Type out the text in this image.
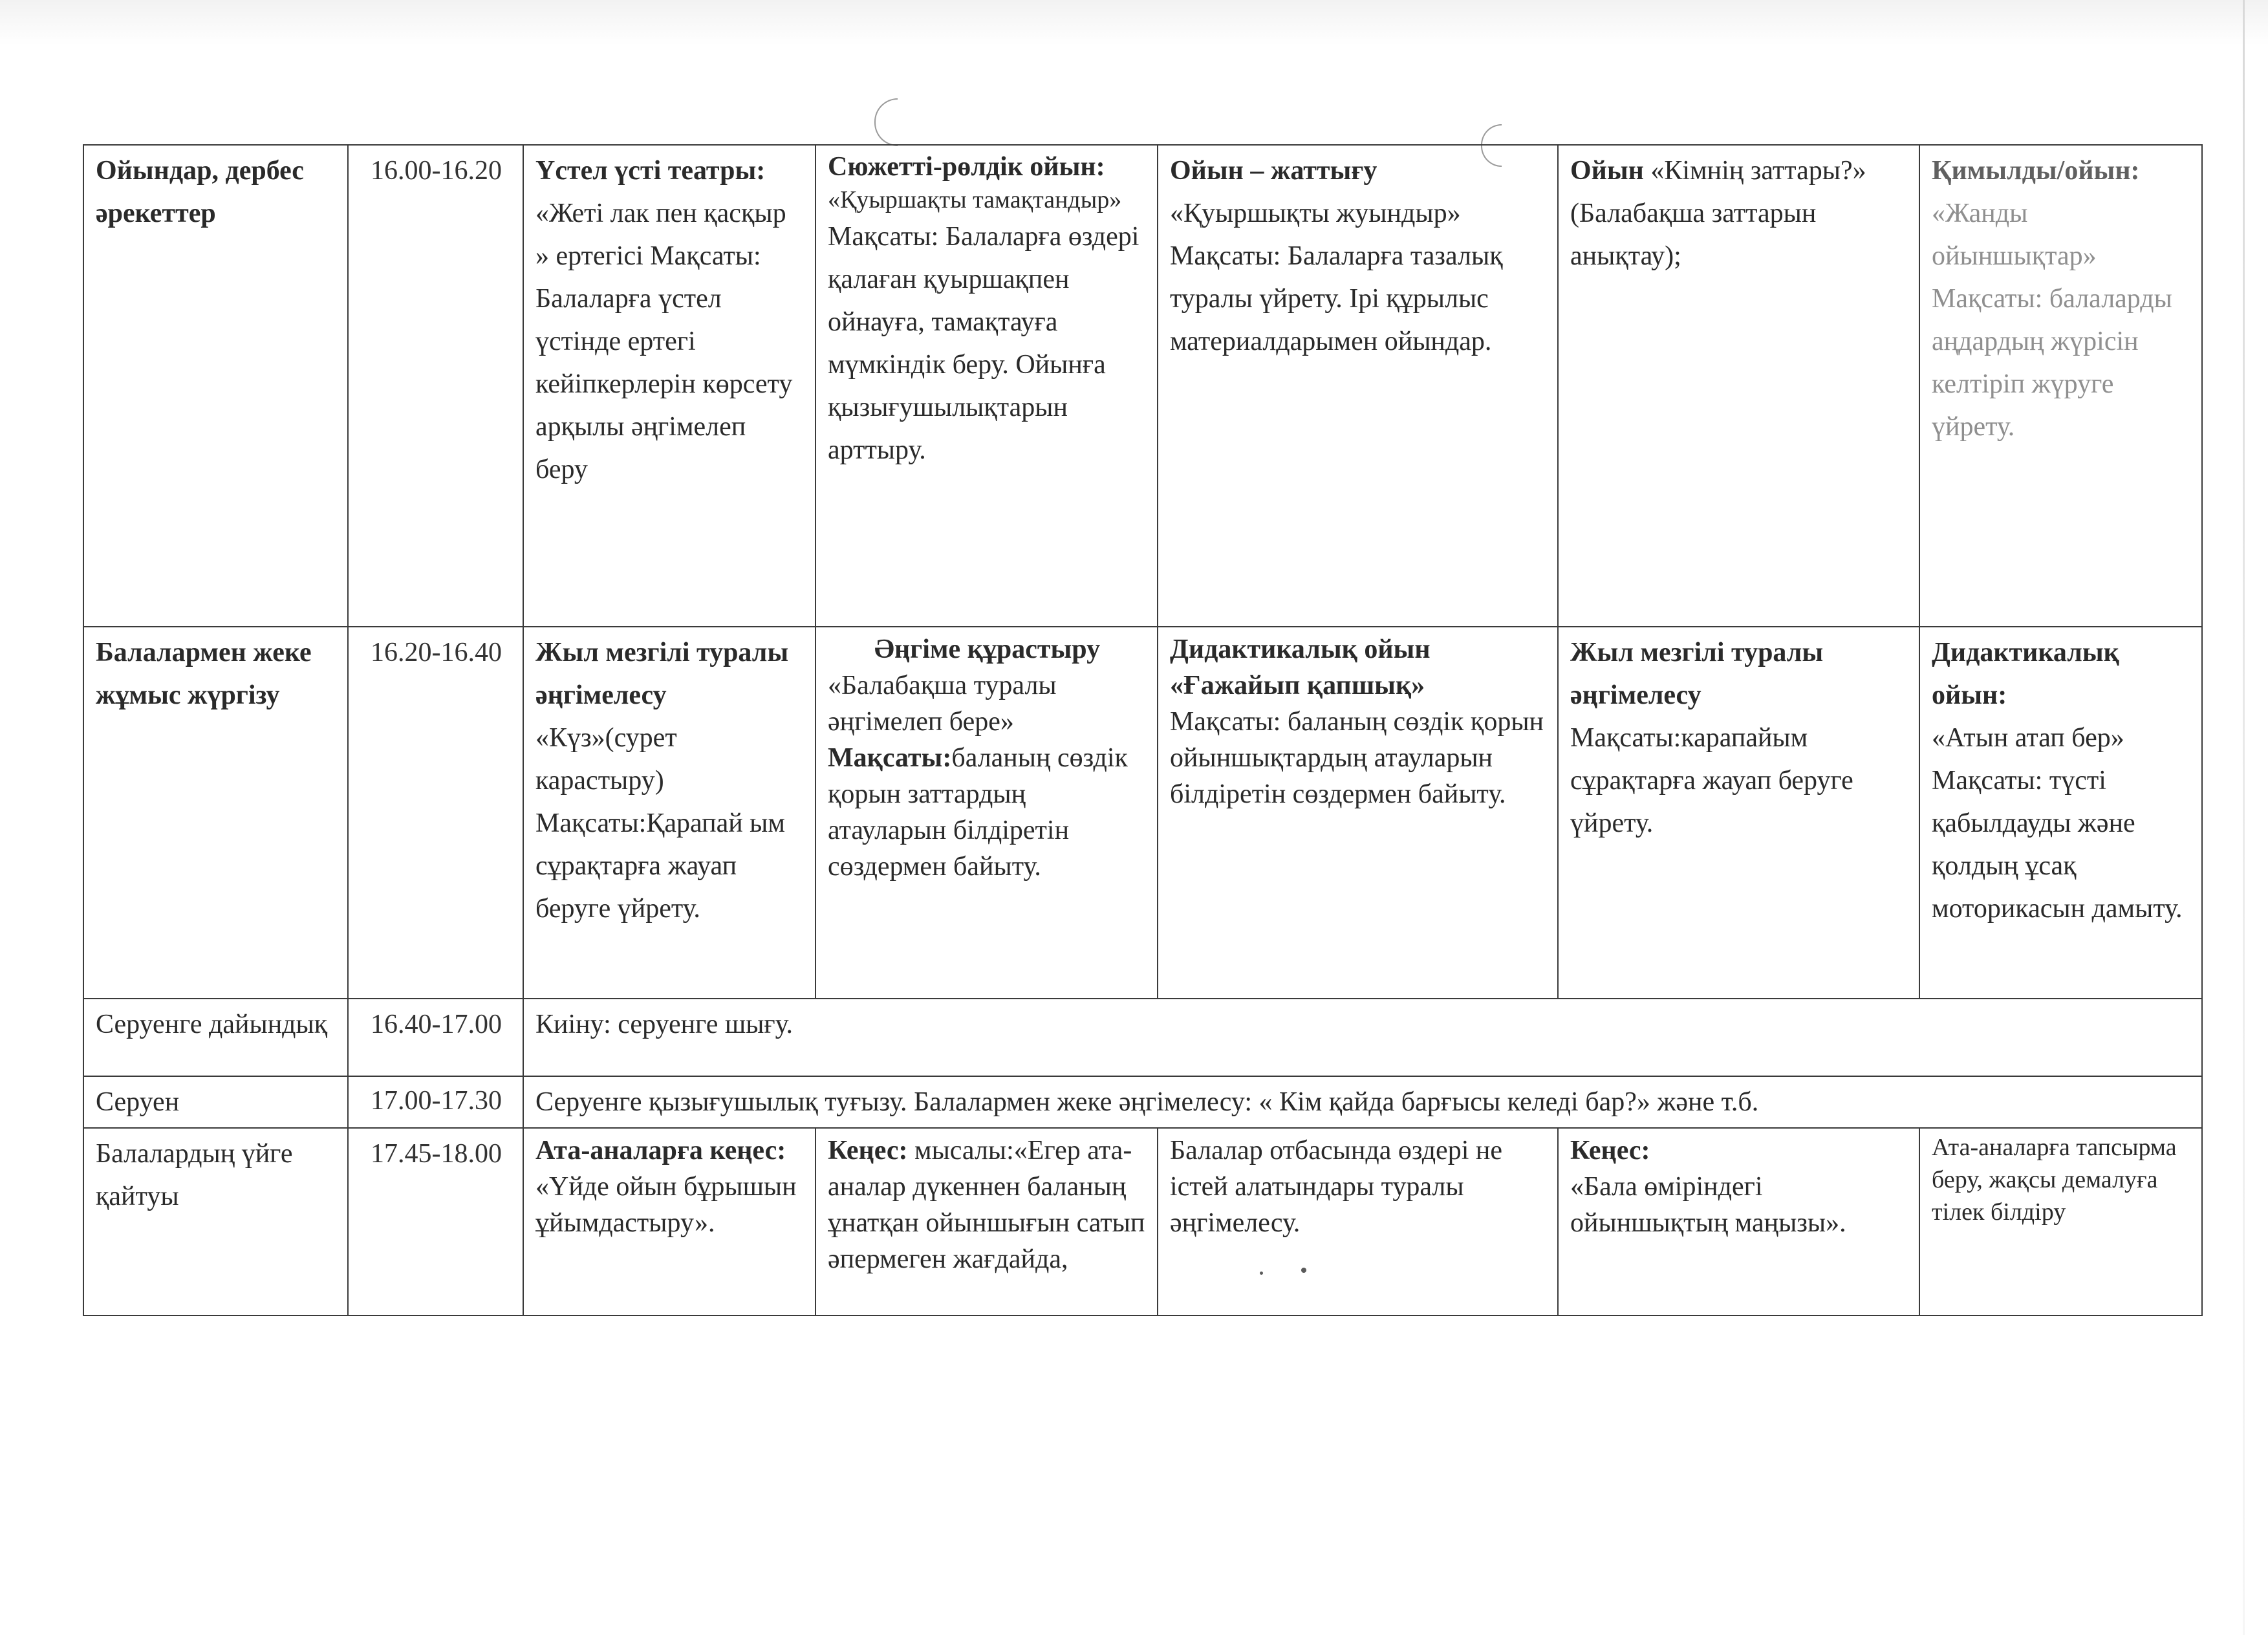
Ойындар, дербес әрекеттер	16.00-16.20	Үстел үсті театры:
«Жеті лак пен қасқыр » ертегісі Мақсаты: Балаларға үстел үстінде ертегі кейіпкерлерін көрсету арқылы әңгімелеп беру	Сюжетті-рөлдік ойын:
«Қуыршақты тамақтандыр»
Мақсаты: Балаларға өздері қалаған қуыршақпен ойнауға, тамақтауға мүмкіндік беру. Ойынға қызығушылықтарын арттыру.	Ойын – жаттығу
«Қуыршықты жуындыр» Мақсаты: Балаларға тазалық туралы үйрету. Ірі құрылыс материалдарымен ойындар.	Ойын «Кімнің заттары?» (Балабақша заттарын анықтау);	Қимылды/ойын:
«Жанды ойыншықтар»
Мақсаты: балаларды аңдардың жүрісін келтіріп жүруге үйрету.
Балалармен жеке жұмыс жүргізу	16.20-16.40	Жыл мезгілі туралы әңгімелесу
«Күз»(сурет карастыру) Мақсаты:Қарапай ым сұрақтарға жауап беруге үйрету.	Әңгіме құрастыру
«Балабақша туралы әңгімелеп бере»
Мақсаты:баланың сөздік қорын заттардың атауларын білдіретін сөздермен байыту.	Дидактикалық ойын «Ғажайып қапшық»
Мақсаты: баланың сөздік қорын ойыншықтардың атауларын білдіретін сөздермен байыту.	Жыл мезгілі туралы әңгімелесу
Мақсаты:карапайым сұрақтарға жауап беруге үйрету.	Дидактикалық ойын:
«Атын атап бер»
Мақсаты: түсті қабылдауды және қолдың ұсақ моторикасын дамыту.
Серуенге дайындық	16.40-17.00	Киіну: серуенге шығу.				
Серуен	17.00-17.30	Серуенге қызығушылық туғызу. Балалармен жеке әңгімелесу: « Кім қайда барғысы келеді бар?» және т.б.				
Балалардың үйге қайтуы	17.45-18.00	Ата-аналарға кеңес:
«Үйде ойын бұрышын ұйымдастыру».	Кеңес: мысалы:«Егер ата-аналар дүкеннен баланың ұнатқан ойыншығын сатып әпермеген жағдайда,	Балалар отбасында өздері не істей алатындары туралы әңгімелесу.	Кеңес:
«Бала өміріндегі ойыншықтың маңызы».	Ата-аналарға тапсырма беру, жақсы демалуға тілек білдіру
